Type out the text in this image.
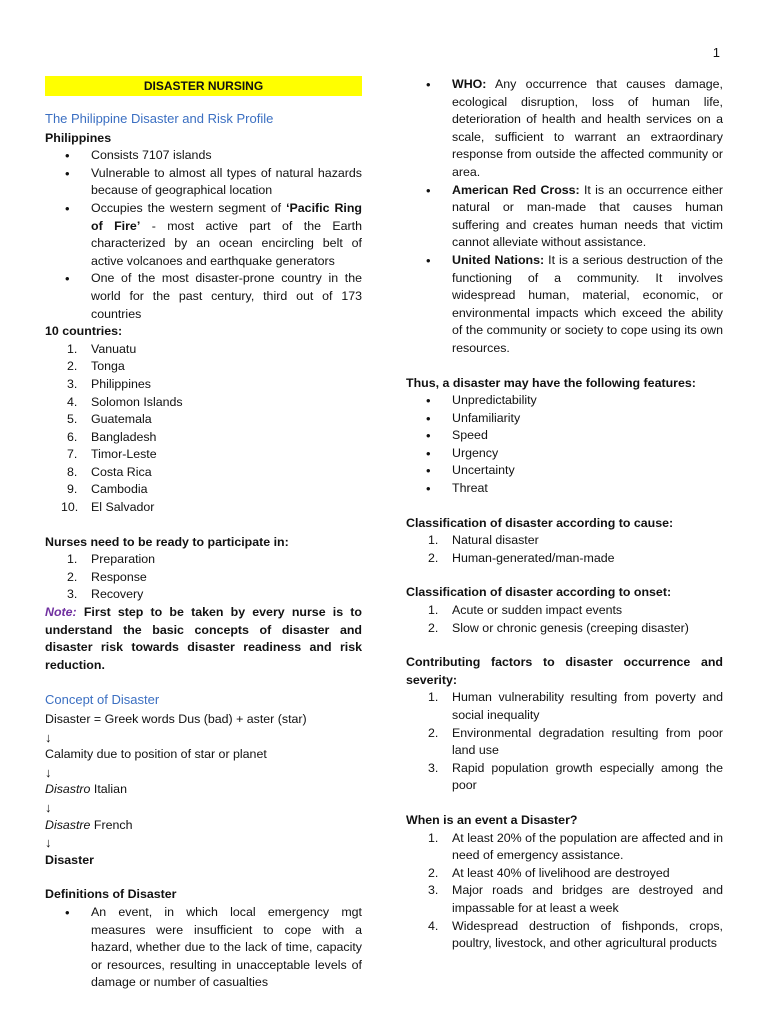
1
DISASTER NURSING
The Philippine Disaster and Risk Profile
Philippines
• Consists 7107 islands
• Vulnerable to almost all types of natural hazards because of geographical location
• Occupies the western segment of ‘Pacific Ring of Fire’ - most active part of the Earth characterized by an ocean encircling belt of active volcanoes and earthquake generators
• One of the most disaster-prone country in the world for the past century, third out of 173 countries
10 countries:
1. Vanuatu
2. Tonga
3. Philippines
4. Solomon Islands
5. Guatemala
6. Bangladesh
7. Timor-Leste
8. Costa Rica
9. Cambodia
10. El Salvador
Nurses need to be ready to participate in:
1. Preparation
2. Response
3. Recovery
Note: First step to be taken by every nurse is to understand the basic concepts of disaster and disaster risk towards disaster readiness and risk reduction.
Concept of Disaster
Disaster = Greek words Dus (bad) + aster (star)
↓
Calamity due to position of star or planet
↓
Disastro Italian
↓
Disastre French
↓
Disaster
Definitions of Disaster
• An event, in which local emergency mgt measures were insufficient to cope with a hazard, whether due to the lack of time, capacity or resources, resulting in unacceptable levels of damage or number of casualties
• WHO: Any occurrence that causes damage, ecological disruption, loss of human life, deterioration of health and health services on a scale, sufficient to warrant an extraordinary response from outside the affected community or area.
• American Red Cross: It is an occurrence either natural or man-made that causes human suffering and creates human needs that victim cannot alleviate without assistance.
• United Nations: It is a serious destruction of the functioning of a community. It involves widespread human, material, economic, or environmental impacts which exceed the ability of the community or society to cope using its own resources.
Thus, a disaster may have the following features:
• Unpredictability
• Unfamiliarity
• Speed
• Urgency
• Uncertainty
• Threat
Classification of disaster according to cause:
1. Natural disaster
2. Human-generated/man-made
Classification of disaster according to onset:
1. Acute or sudden impact events
2. Slow or chronic genesis (creeping disaster)
Contributing factors to disaster occurrence and severity:
1. Human vulnerability resulting from poverty and social inequality
2. Environmental degradation resulting from poor land use
3. Rapid population growth especially among the poor
When is an event a Disaster?
1. At least 20% of the population are affected and in need of emergency assistance.
2. At least 40% of livelihood are destroyed
3. Major roads and bridges are destroyed and impassable for at least a week
4. Widespread destruction of fishponds, crops, poultry, livestock, and other agricultural products
